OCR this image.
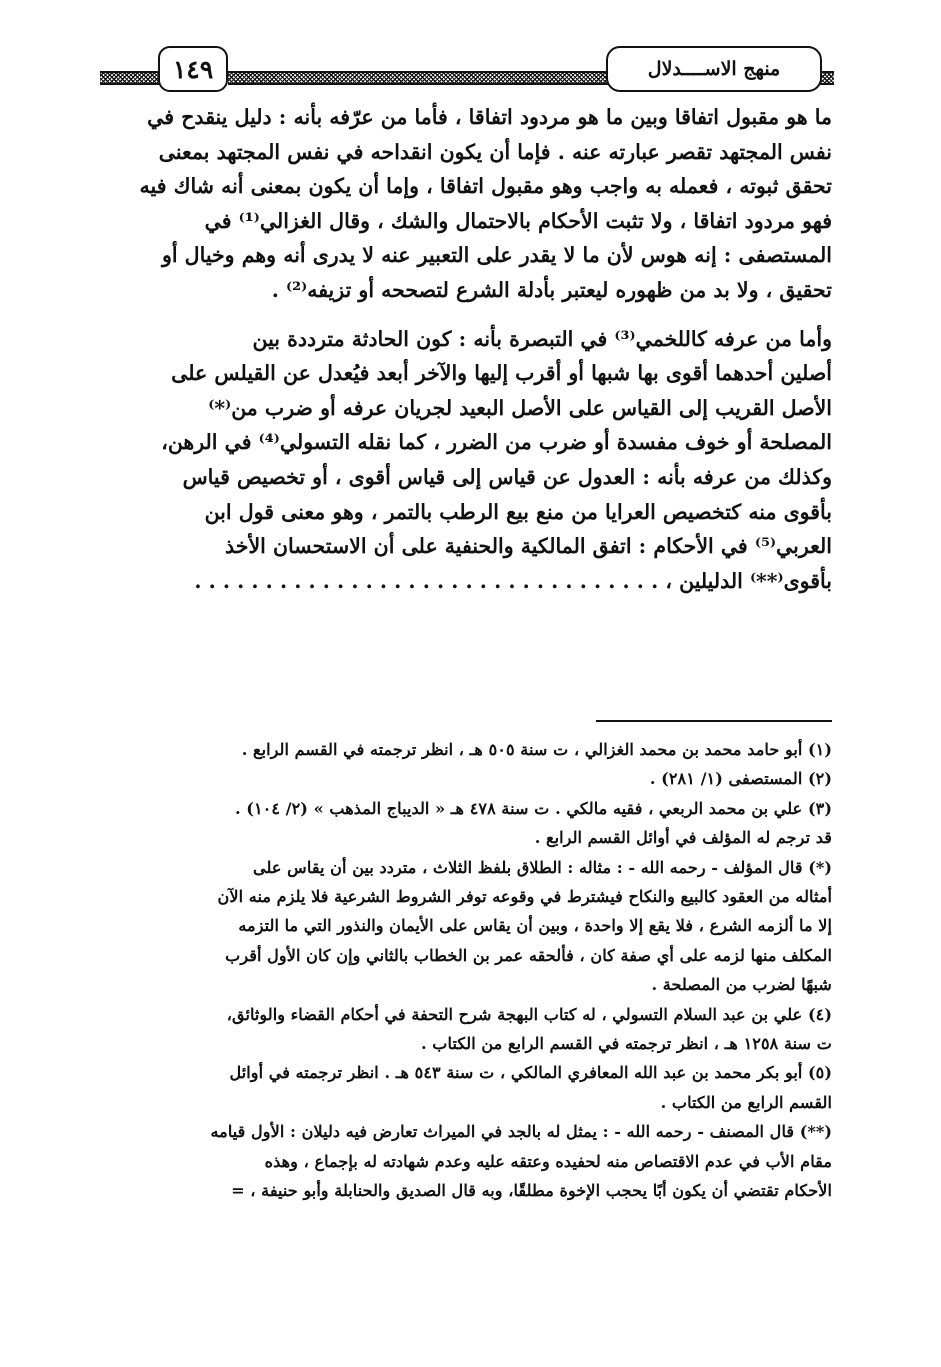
١٤٩	منهج الاســــدلال

ما هو مقبول اتفاقا وبين ما هو مردود اتفاقا ، فأما من عرّفه بأنه : دليل ينقدح في
نفس المجتهد تقصر عبارته عنه . فإما أن يكون انقداحه في نفس المجتهد بمعنى
تحقق ثبوته ، فعمله به واجب وهو مقبول اتفاقا ، وإما أن يكون بمعنى أنه شاك فيه
فهو مردود اتفاقا ، ولا تثبت الأحكام بالاحتمال والشك ، وقال الغزالي⁽¹⁾ في
المستصفى : إنه هوس لأن ما لا يقدر على التعبير عنه لا يدرى أنه وهم وخيال أو
تحقيق ، ولا بد من ظهوره ليعتبر بأدلة الشرع لتصححه أو تزيفه⁽²⁾ .

وأما من عرفه كاللخمي⁽³⁾ في التبصرة بأنه : كون الحادثة مترددة بين
أصلين أحدهما أقوى بها شبها أو أقرب إليها والآخر أبعد فيُعدل عن القيلس على
الأصل القريب إلى القياس على الأصل البعيد لجريان عرفه أو ضرب من⁽*⁾
المصلحة أو خوف مفسدة أو ضرب من الضرر ، كما نقله التسولي⁽⁴⁾ في الرهن،
وكذلك من عرفه بأنه : العدول عن قياس إلى قياس أقوى ، أو تخصيص قياس
بأقوى منه كتخصيص العرايا من منع بيع الرطب بالتمر ، وهو معنى قول ابن
العربي⁽⁵⁾ في الأحكام : اتفق المالكية والحنفية على أن الاستحسان الأخذ
بأقوى⁽**⁾ الدليلين ، . . . . . . . . . . . . . . . . . . . . . . . . . . . . . . . . .

(١) أبو حامد محمد بن محمد الغزالي ، ت سنة ٥٠٥ هـ ، انظر ترجمته في القسم الرابع .

(٢) المستصفى (١/ ٢٨١) .

(٣) علي بن محمد الربعي ، فقيه مالكي . ت سنة ٤٧٨ هـ « الديباج المذهب » (٢/ ١٠٤) .
قد ترجم له المؤلف في أوائل القسم الرابع .

(*) قال المؤلف - رحمه الله - : مثاله : الطلاق بلفظ الثلاث ، متردد بين أن يقاس على
أمثاله من العقود كالبيع والنكاح فيشترط في وقوعه توفر الشروط الشرعية فلا يلزم منه الآن
إلا ما ألزمه الشرع ، فلا يقع إلا واحدة ، وبين أن يقاس على الأيمان والنذور التي ما التزمه
المكلف منها لزمه على أي صفة كان ، فألحقه عمر بن الخطاب بالثاني وإن كان الأول أقرب
شبهًا لضرب من المصلحة .

(٤) علي بن عبد السلام التسولي ، له كتاب البهجة شرح التحفة في أحكام القضاء والوثائق،
ت سنة ١٢٥٨ هـ ، انظر ترجمته في القسم الرابع من الكتاب .

(٥) أبو بكر محمد بن عبد الله المعافري المالكي ، ت سنة ٥٤٣ هـ . انظر ترجمته في أوائل
القسم الرابع من الكتاب .

(**) قال المصنف - رحمه الله - : يمثل له بالجد في الميراث تعارض فيه دليلان : الأول قيامه
مقام الأب في عدم الاقتصاص منه لحفيده وعتقه عليه وعدم شهادته له بإجماع ، وهذه
الأحكام تقتضي أن يكون أبًا يحجب الإخوة مطلقًا، وبه قال الصديق والحنابلة وأبو حنيفة ، =
